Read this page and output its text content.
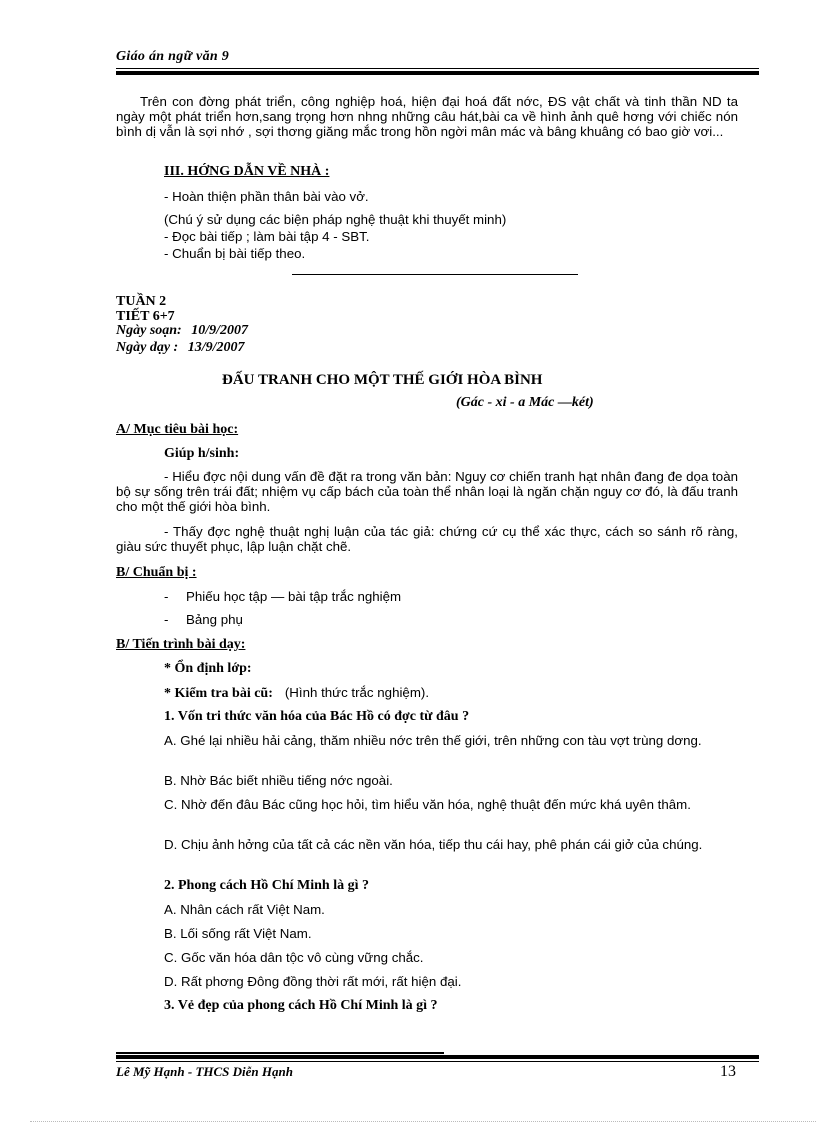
Giáo án ngữ văn 9
Trên con đờng phát triển, công nghiệp hoá, hiện đại hoá đất nớc, ĐS vật chất và tinh thần ND ta ngày một phát triển hơn,sang trọng hơn nhng những câu hát,bài ca về hình ảnh quê hơng với chiếc nón bình dị vẫn là sợi nhớ , sợi thơng giăng mắc trong hồn ngời mân mác và bâng khuâng có bao giờ vơi...
III. HỚNG DẪN VỀ NHÀ :
- Hoàn thiện phần thân bài vào vở.
(Chú ý sử dụng các biện pháp nghệ thuật khi thuyết minh)
- Đọc bài tiếp ; làm bài tập 4 - SBT.
- Chuẩn bị bài tiếp theo.
TUẦN 2
TIẾT 6+7
Ngày soạn: 10/9/2007
Ngày dạy : 13/9/2007
ĐẤU TRANH CHO MỘT THẾ GIỚI HÒA BÌNH
(Gác - xi - a Mác —két)
A/ Mục tiêu bài học:
Giúp h/sinh:
- Hiểu đợc nội dung vấn đề đặt ra trong văn bản: Nguy cơ chiến tranh hạt nhân đang đe dọa toàn bộ sự sống trên trái đất; nhiệm vụ cấp bách của toàn thể nhân loại là ngăn chặn nguy cơ đó, là đấu tranh cho một thế giới hòa bình.
- Thấy đợc nghệ thuật nghị luận của tác giả: chứng cứ cụ thể xác thực, cách so sánh rõ ràng, giàu sức thuyết phục, lập luận chặt chẽ.
B/ Chuẩn bị :
- Phiếu học tập — bài tập trắc nghiệm
- Bảng phụ
B/ Tiến trình bài dạy:
* Ổn định lớp:
* Kiểm tra bài cũ: (Hình thức trắc nghiệm).
1. Vốn tri thức văn hóa của Bác Hồ có đợc từ đâu ?
A. Ghé lại nhiều hải cảng, thăm nhiều nớc trên thế giới, trên những con tàu vợt trùng dơng.
B. Nhờ Bác biết nhiều tiếng nớc ngoài.
C. Nhờ đến đâu Bác cũng học hỏi, tìm hiểu văn hóa, nghệ thuật đến mức khá uyên thâm.
D. Chịu ảnh hởng của tất cả các nền văn hóa, tiếp thu cái hay, phê phán cái giở của chúng.
2. Phong cách Hồ Chí Minh là gì ?
A. Nhân cách rất Việt Nam.
B. Lối sống rất Việt Nam.
C. Gốc văn hóa dân tộc vô cùng vững chắc.
D. Rất phơng Đông đồng thời rất mới, rất hiện đại.
3. Vẻ đẹp của phong cách Hồ Chí Minh là gì ?
Lê Mỹ Hạnh - THCS Diễn Hạnh	13
